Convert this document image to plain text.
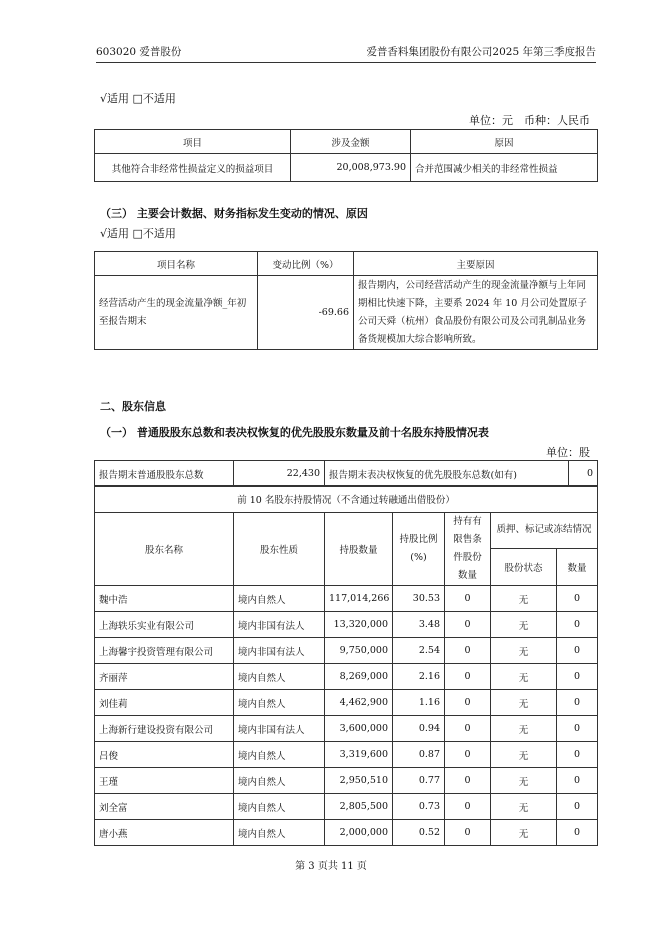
603020 爱普股份	爱普香料集团股份有限公司2025 年第三季度报告
√适用 □不适用
单位：元　币种：人民币
项目	涉及金额	原因
其他符合非经常性损益定义的损益项目	20,008,973.90	合并范围减少相关的非经常性损益
（三） 主要会计数据、财务指标发生变动的情况、原因
√适用 □不适用
项目名称	变动比例（%）	主要原因
经营活动产生的现金流量净额_年初至报告期末	-69.66	报告期内，公司经营活动产生的现金流量净额与上年同期相比快速下降，主要系 2024 年 10 月公司处置原子公司天舜（杭州）食品股份有限公司及公司乳制品业务备货规模加大综合影响所致。
二、股东信息
（一） 普通股股东总数和表决权恢复的优先股股东数量及前十名股东持股情况表
单位：股
报告期末普通股股东总数	22,430	报告期末表决权恢复的优先股股东总数(如有)	0
前 10 名股东持股情况（不含通过转融通出借股份）						
股东名称	股东性质	持股数量	持股比例(%)	持有有限售条件股份数量	质押、标记或冻结情况	
					股份状态	数量
魏中浩	境内自然人	117,014,266	30.53	0	无	0
上海轶乐实业有限公司	境内非国有法人	13,320,000	3.48	0	无	0
上海馨宇投资管理有限公司	境内非国有法人	9,750,000	2.54	0	无	0
齐丽萍	境内自然人	8,269,000	2.16	0	无	0
刘佳莉	境内自然人	4,462,900	1.16	0	无	0
上海新行建设投资有限公司	境内非国有法人	3,600,000	0.94	0	无	0
吕俊	境内自然人	3,319,600	0.87	0	无	0
王瑾	境内自然人	2,950,510	0.77	0	无	0
刘全富	境内自然人	2,805,500	0.73	0	无	0
唐小燕	境内自然人	2,000,000	0.52	0	无	0
第 3 页共 11 页
